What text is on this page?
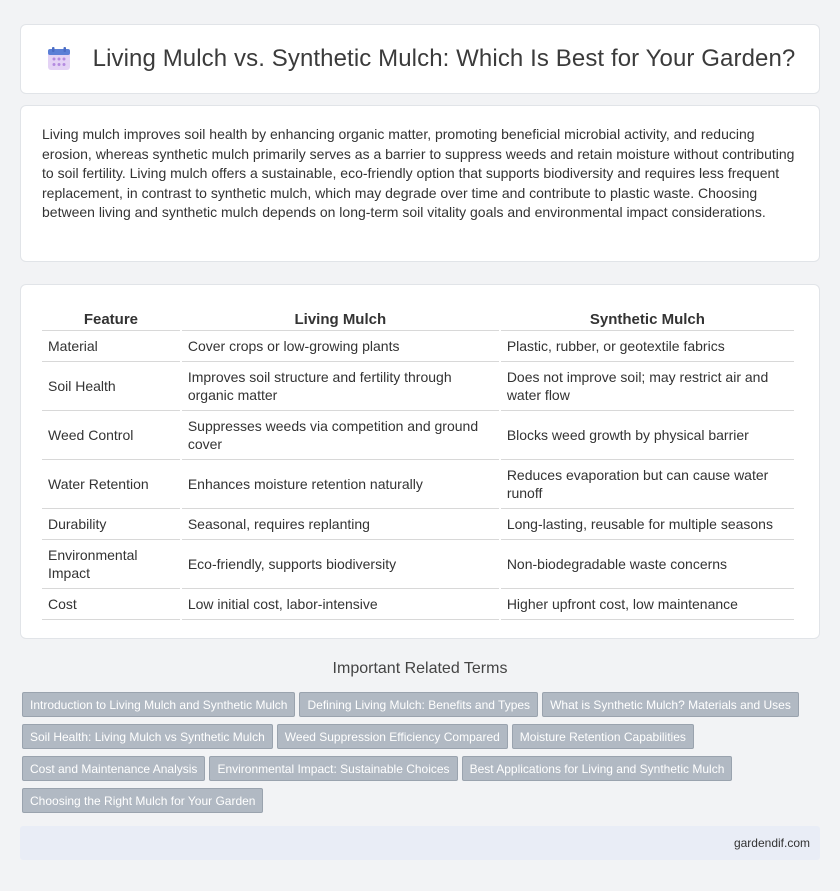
Living Mulch vs. Synthetic Mulch: Which Is Best for Your Garden?

Living mulch improves soil health by enhancing organic matter, promoting beneficial microbial activity, and reducing erosion, whereas synthetic mulch primarily serves as a barrier to suppress weeds and retain moisture without contributing to soil fertility. Living mulch offers a sustainable, eco-friendly option that supports biodiversity and requires less frequent replacement, in contrast to synthetic mulch, which may degrade over time and contribute to plastic waste. Choosing between living and synthetic mulch depends on long-term soil vitality goals and environmental impact considerations.

Feature	Living Mulch	Synthetic Mulch
Material	Cover crops or low-growing plants	Plastic, rubber, or geotextile fabrics
Soil Health	Improves soil structure and fertility through organic matter	Does not improve soil; may restrict air and water flow
Weed Control	Suppresses weeds via competition and ground cover	Blocks weed growth by physical barrier
Water Retention	Enhances moisture retention naturally	Reduces evaporation but can cause water runoff
Durability	Seasonal, requires replanting	Long-lasting, reusable for multiple seasons
Environmental Impact	Eco-friendly, supports biodiversity	Non-biodegradable waste concerns
Cost	Low initial cost, labor-intensive	Higher upfront cost, low maintenance
Important Related Terms
Introduction to Living Mulch and Synthetic Mulch Defining Living Mulch: Benefits and Types What is Synthetic Mulch? Materials and Uses
Soil Health: Living Mulch vs Synthetic Mulch Weed Suppression Efficiency Compared Moisture Retention Capabilities
Cost and Maintenance Analysis Environmental Impact: Sustainable Choices Best Applications for Living and Synthetic Mulch
Choosing the Right Mulch for Your Garden
gardendif.com
